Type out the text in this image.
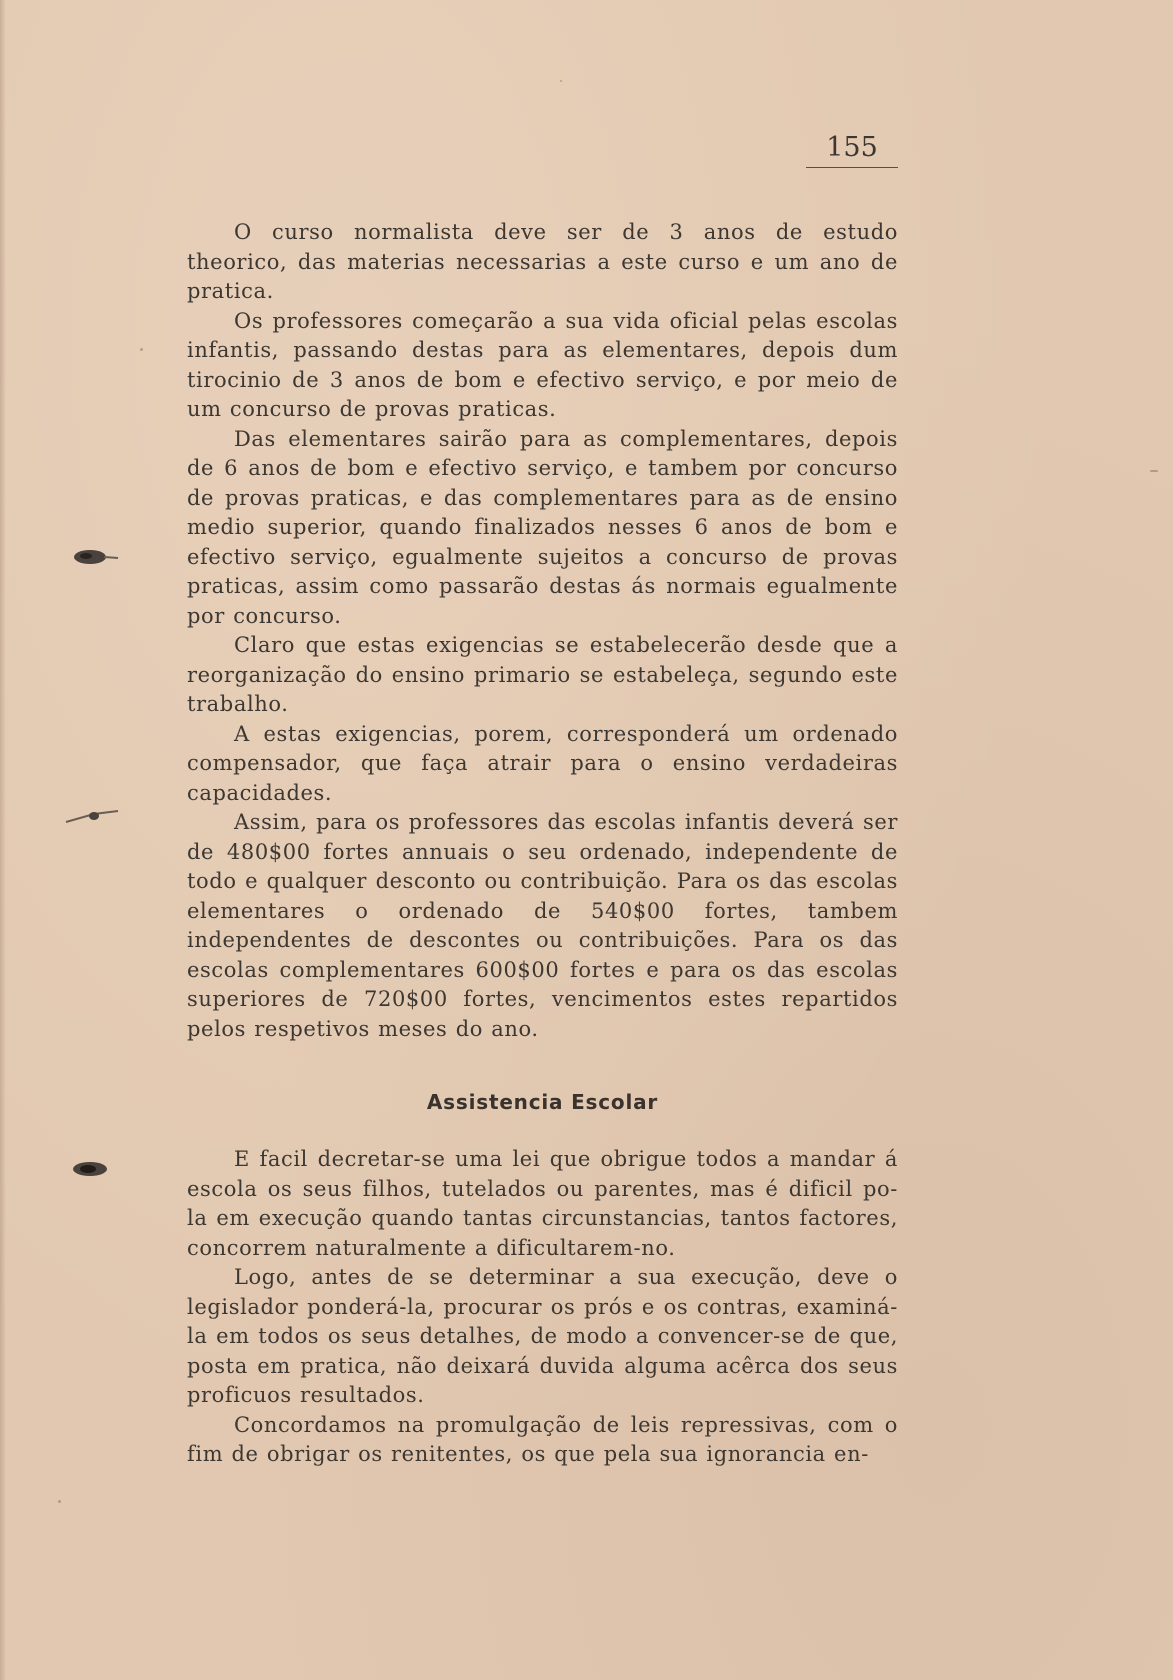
155

O curso normalista deve ser de 3 anos de estudo theorico, das materias necessarias a este curso e um ano de pratica.

Os professores começarão a sua vida oficial pelas escolas infantis, passando destas para as elementares, depois dum tirocinio de 3 anos de bom e efectivo serviço, e por meio de um concurso de provas praticas.

Das elementares sairão para as complementares, depois de 6 anos de bom e efectivo serviço, e tambem por concurso de provas praticas, e das complementares para as de ensino medio superior, quando finalizados nesses 6 anos de bom e efectivo serviço, egualmente sujeitos a concurso de provas praticas, assim como passarão destas ás normais egualmente por concurso.

Claro que estas exigencias se estabelecerão desde que a reorganização do ensino primario se estabeleça, segundo este trabalho.

A estas exigencias, porem, corresponderá um ordenado compensador, que faça atrair para o ensino verdadeiras capacidades.

Assim, para os professores das escolas infantis deverá ser de 480$00 fortes annuais o seu ordenado, independente de todo e qualquer desconto ou contribuição. Para os das escolas elementares o ordenado de 540$00 fortes, tambem independentes de descontes ou contribuições. Para os das escolas complementares 600$00 fortes e para os das escolas superiores de 720$00 fortes, vencimentos estes repartidos pelos respetivos meses do ano.

Assistencia Escolar

E facil decretar-se uma lei que obrigue todos a mandar á escola os seus filhos, tutelados ou parentes, mas é dificil po-la em execução quando tantas circunstancias, tantos factores, concorrem naturalmente a dificultarem-no.

Logo, antes de se determinar a sua execução, deve o legislador ponderá-la, procurar os prós e os contras, examiná-la em todos os seus detalhes, de modo a convencer-se de que, posta em pratica, não deixará duvida alguma acêrca dos seus proficuos resultados.

Concordamos na promulgação de leis repressivas, com o fim de obrigar os renitentes, os que pela sua ignorancia en-
